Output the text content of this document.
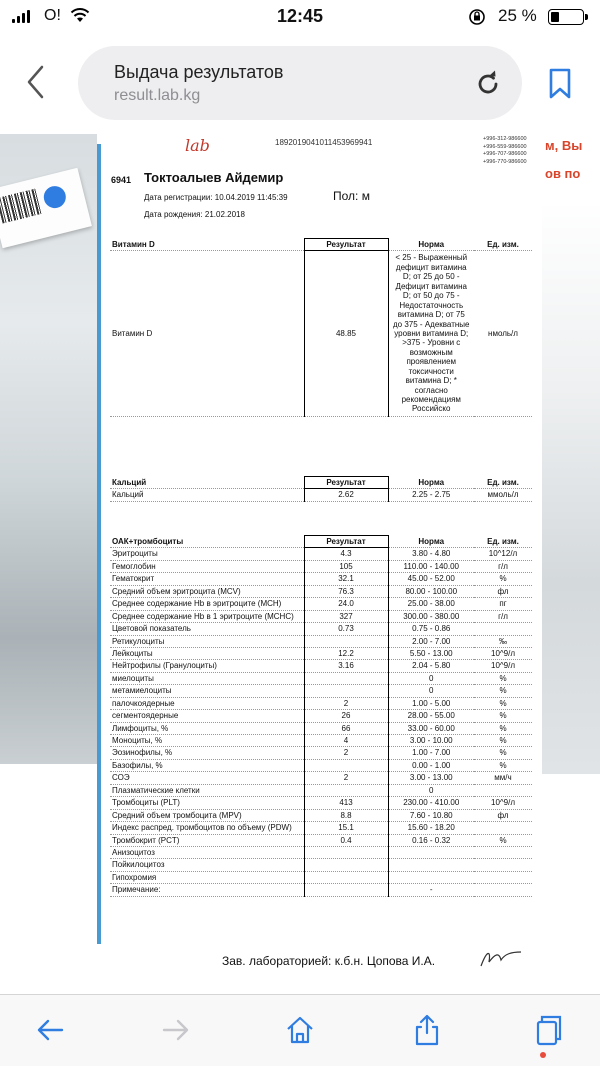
O!	12:45	25 %
Выдача результатов
result.lab.kg
м, Вы
ов по
lab	1892019041011453969941	+996-312-986600
+996-559-986600
+996-707-986600
+996-770-986600
6941 Токтоалыев Айдемир
Дата регистрации: 10.04.2019 11:45:39
Дата рождения: 21.02.2018
Пол: м
Витамин D	Результат	Норма	Ед. изм.
Витамин D	48.85	< 25 - Выраженный дефицит витамина D; от 25 до 50 - Дефицит витамина D; от 50 до 75 - Недостаточность витамина D; от 75 до 375 - Адекватные уровни витамина D; >375 - Уровни с возможным проявлением токсичности витамина D; * согласно рекомендациям Российско	нмоль/л
Кальций	Результат	Норма	Ед. изм.
Кальций	2.62	2.25 - 2.75	ммоль/л
ОАК+тромбоциты	Результат	Норма	Ед. изм.
Эритроциты	4.3	3.80 - 4.80	10^12/л
Гемоглобин	105	110.00 - 140.00	г/л
Гематокрит	32.1	45.00 - 52.00	%
Средний объем эритроцита (MCV)	76.3	80.00 - 100.00	фл
Среднее содержание Hb в эритроците (MCH)	24.0	25.00 - 38.00	пг
Среднее содержание Hb в 1 эритроците (MCHC)	327	300.00 - 380.00	г/л
Цветовой показатель	0.73	0.75 - 0.86	
Ретикулоциты		2.00 - 7.00	‰
Лейкоциты	12.2	5.50 - 13.00	10^9/л
Нейтрофилы (Гранулоциты)	3.16	2.04 - 5.80	10^9/л
миелоциты		0	%
метамиелоциты		0	%
палочкоядерные	2	1.00 - 5.00	%
сегментоядерные	26	28.00 - 55.00	%
Лимфоциты, %	66	33.00 - 60.00	%
Моноциты, %	4	3.00 - 10.00	%
Эозинофилы, %	2	1.00 - 7.00	%
Базофилы, %		0.00 - 1.00	%
СОЭ	2	3.00 - 13.00	мм/ч
Плазматические клетки		0	
Тромбоциты (PLT)	413	230.00 - 410.00	10^9/л
Средний объем тромбоцита (MPV)	8.8	7.60 - 10.80	фл
Индекс распред. тромбоцитов по объему (PDW)	15.1	15.60 - 18.20	
Тромбокрит (PCT)	0.4	0.16 - 0.32	%
Анизоцитоз			
Пойкилоцитоз			
Гипохромия			
Примечание:		-	
Зав. лабораторией: к.б.н. Цопова И.А.
